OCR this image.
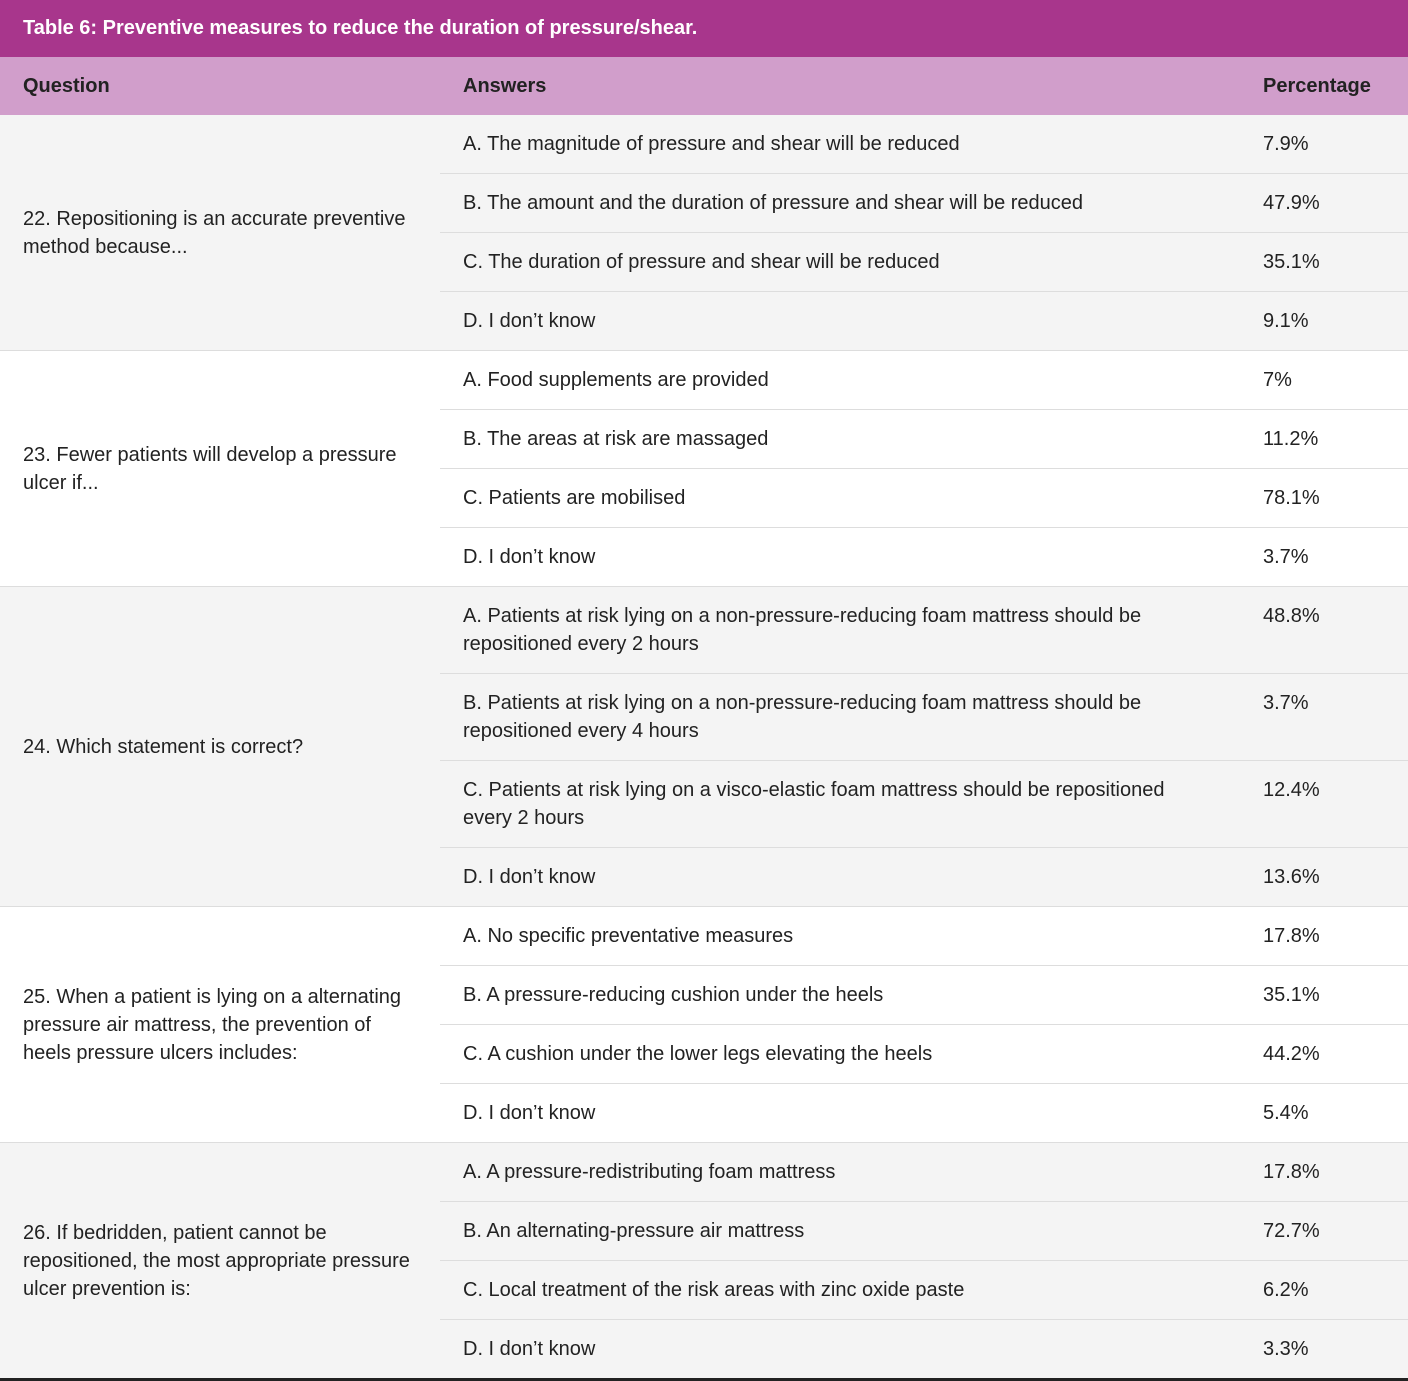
Table 6: Preventive measures to reduce the duration of pressure/shear.
Question	Answers	Percentage
22. Repositioning is an accurate preventive method because...	A. The magnitude of pressure and shear will be reduced	7.9%
	B. The amount and the duration of pressure and shear will be reduced	47.9%
	C. The duration of pressure and shear will be reduced	35.1%
	D. I don’t know	9.1%
23. Fewer patients will develop a pressure ulcer if...	A. Food supplements are provided	7%
	B. The areas at risk are massaged	11.2%
	C. Patients are mobilised	78.1%
	D. I don’t know	3.7%
24. Which statement is correct?	A. Patients at risk lying on a non-pressure-reducing foam mattress should be repositioned every 2 hours	48.8%
	B. Patients at risk lying on a non-pressure-reducing foam mattress should be repositioned every 4 hours	3.7%
	C. Patients at risk lying on a visco-elastic foam mattress should be repositioned every 2 hours	12.4%
	D. I don’t know	13.6%
25. When a patient is lying on a alternating pressure air mattress, the prevention of heels pressure ulcers includes:	A. No specific preventative measures	17.8%
	B. A pressure-reducing cushion under the heels	35.1%
	C. A cushion under the lower legs elevating the heels	44.2%
	D. I don’t know	5.4%
26. If bedridden, patient cannot be repositioned, the most appropriate pressure ulcer prevention is:	A. A pressure-redistributing foam mattress	17.8%
	B. An alternating-pressure air mattress	72.7%
	C. Local treatment of the risk areas with zinc oxide paste	6.2%
	D. I don’t know	3.3%
